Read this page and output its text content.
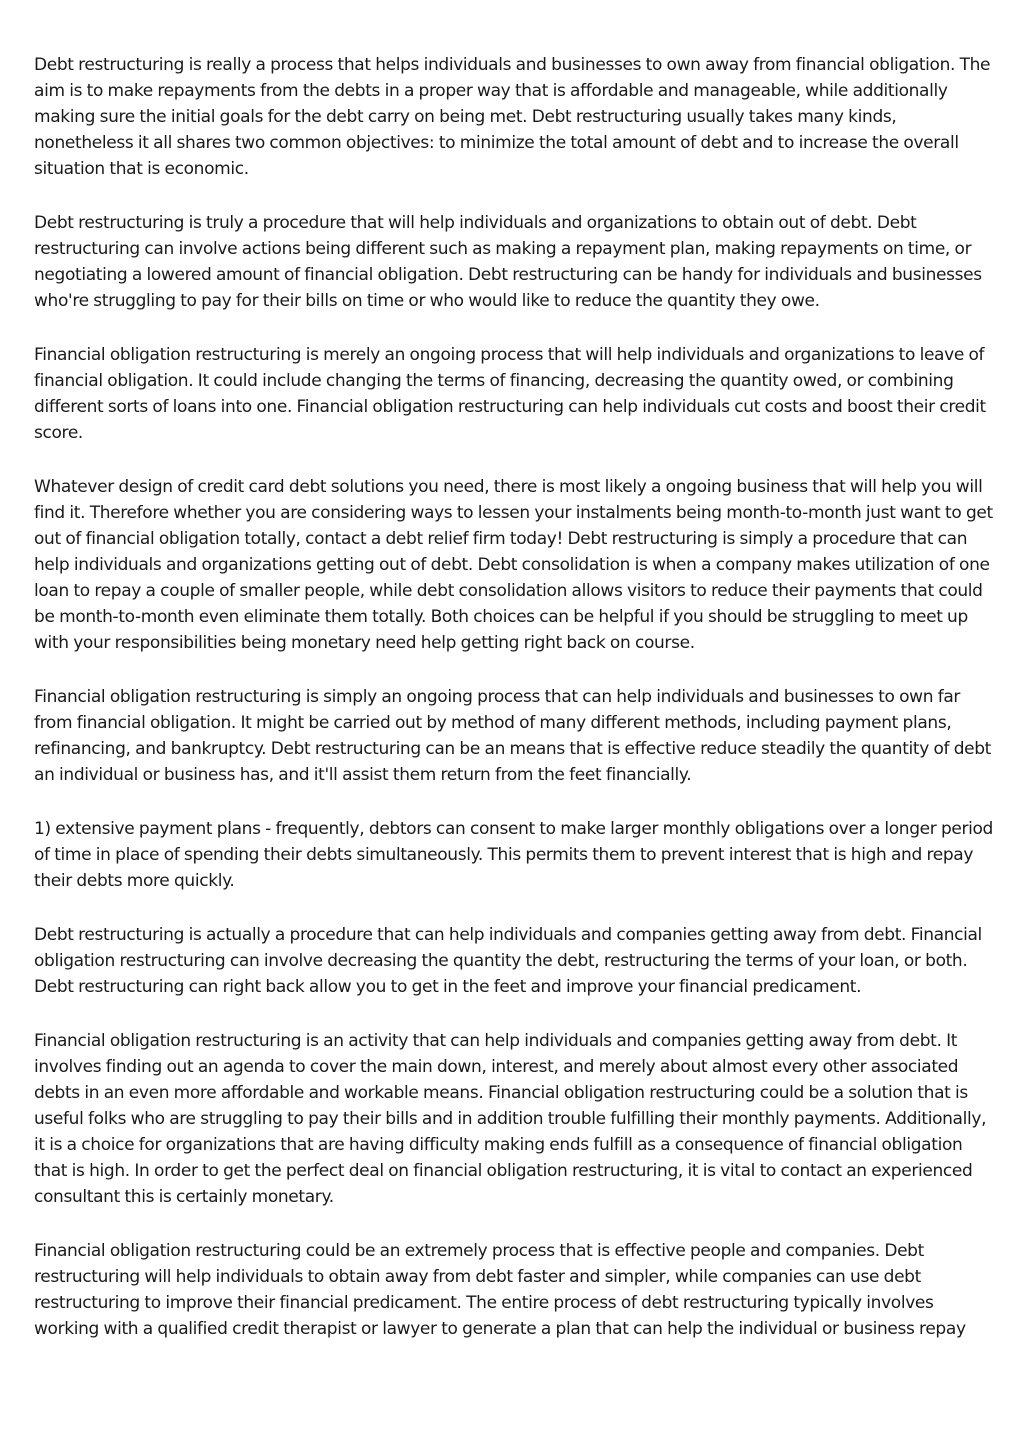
Debt restructuring is really a process that helps individuals and businesses to own away from financial obligation. The aim is to make repayments from the debts in a proper way that is affordable and manageable, while additionally making sure the initial goals for the debt carry on being met. Debt restructuring usually takes many kinds, nonetheless it all shares two common objectives: to minimize the total amount of debt and to increase the overall situation that is economic.

Debt restructuring is truly a procedure that will help individuals and organizations to obtain out of debt. Debt restructuring can involve actions being different such as making a repayment plan, making repayments on time, or negotiating a lowered amount of financial obligation. Debt restructuring can be handy for individuals and businesses who're struggling to pay for their bills on time or who would like to reduce the quantity they owe.

Financial obligation restructuring is merely an ongoing process that will help individuals and organizations to leave of financial obligation. It could include changing the terms of financing, decreasing the quantity owed, or combining different sorts of loans into one. Financial obligation restructuring can help individuals cut costs and boost their credit score.

Whatever design of credit card debt solutions you need, there is most likely a ongoing business that will help you will find it. Therefore whether you are considering ways to lessen your instalments being month-to-month just want to get out of financial obligation totally, contact a debt relief firm today! Debt restructuring is simply a procedure that can help individuals and organizations getting out of debt. Debt consolidation is when a company makes utilization of one loan to repay a couple of smaller people, while debt consolidation allows visitors to reduce their payments that could be month-to-month even eliminate them totally. Both choices can be helpful if you should be struggling to meet up with your responsibilities being monetary need help getting right back on course.

Financial obligation restructuring is simply an ongoing process that can help individuals and businesses to own far from financial obligation. It might be carried out by method of many different methods, including payment plans, refinancing, and bankruptcy. Debt restructuring can be an means that is effective reduce steadily the quantity of debt an individual or business has, and it'll assist them return from the feet financially.

1) extensive payment plans - frequently, debtors can consent to make larger monthly obligations over a longer period of time in place of spending their debts simultaneously. This permits them to prevent interest that is high and repay their debts more quickly.

Debt restructuring is actually a procedure that can help individuals and companies getting away from debt. Financial obligation restructuring can involve decreasing the quantity the debt, restructuring the terms of your loan, or both. Debt restructuring can right back allow you to get in the feet and improve your financial predicament.

Financial obligation restructuring is an activity that can help individuals and companies getting away from debt. It involves finding out an agenda to cover the main down, interest, and merely about almost every other associated debts in an even more affordable and workable means. Financial obligation restructuring could be a solution that is useful folks who are struggling to pay their bills and in addition trouble fulfilling their monthly payments. Additionally, it is a choice for organizations that are having difficulty making ends fulfill as a consequence of financial obligation that is high. In order to get the perfect deal on financial obligation restructuring, it is vital to contact an experienced consultant this is certainly monetary.

Financial obligation restructuring could be an extremely process that is effective people and companies. Debt restructuring will help individuals to obtain away from debt faster and simpler, while companies can use debt restructuring to improve their financial predicament. The entire process of debt restructuring typically involves working with a qualified credit therapist or lawyer to generate a plan that can help the individual or business repay
